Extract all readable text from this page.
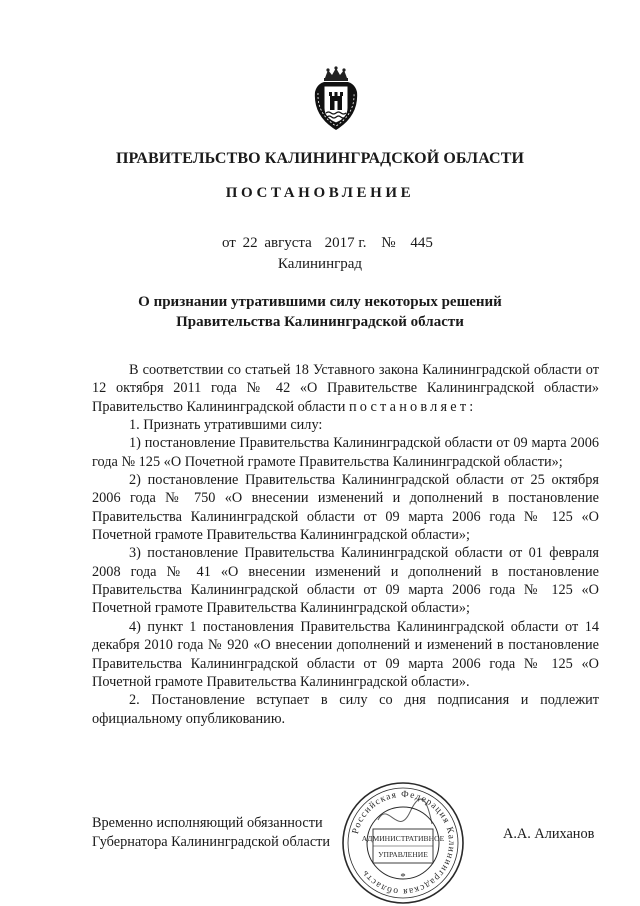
ПРАВИТЕЛЬСТВО КАЛИНИНГРАДСКОЙ ОБЛАСТИ
ПОСТАНОВЛЕНИЕ
от 22 августа 2017 г. № 445
Калининград
О признании утратившими силу некоторых решений
Правительства Калининградской области

В соответствии со статьей 18 Уставного закона Калининградской области от 12 октября 2011 года № 42 «О Правительстве Калининградской области» Правительство Калининградской области постановляет:

1. Признать утратившими силу:

1) постановление Правительства Калининградской области от 09 марта 2006 года № 125 «О Почетной грамоте Правительства Калининградской области»;

2) постановление Правительства Калининградской области от 25 октября 2006 года № 750 «О внесении изменений и дополнений в постановление Правительства Калининградской области от 09 марта 2006 года № 125 «О Почетной грамоте Правительства Калининградской области»;

3) постановление Правительства Калининградской области от 01 февраля 2008 года № 41 «О внесении изменений и дополнений в постановление Правительства Калининградской области от 09 марта 2006 года № 125 «О Почетной грамоте Правительства Калининградской области»;

4) пункт 1 постановления Правительства Калининградской области от 14 декабря 2010 года № 920 «О внесении дополнений и изменений в постановление Правительства Калининградской области от 09 марта 2006 года № 125 «О Почетной грамоте Правительства Калининградской области».

2. Постановление вступает в силу со дня подписания и подлежит официальному опубликованию.

Временно исполняющий обязанности
Губернатора Калининградской области
Российская Федерация Калининградская область
АДМИНИСТРАТИВНОЕ
УПРАВЛЕНИЕ
*
А.А. Алиханов
